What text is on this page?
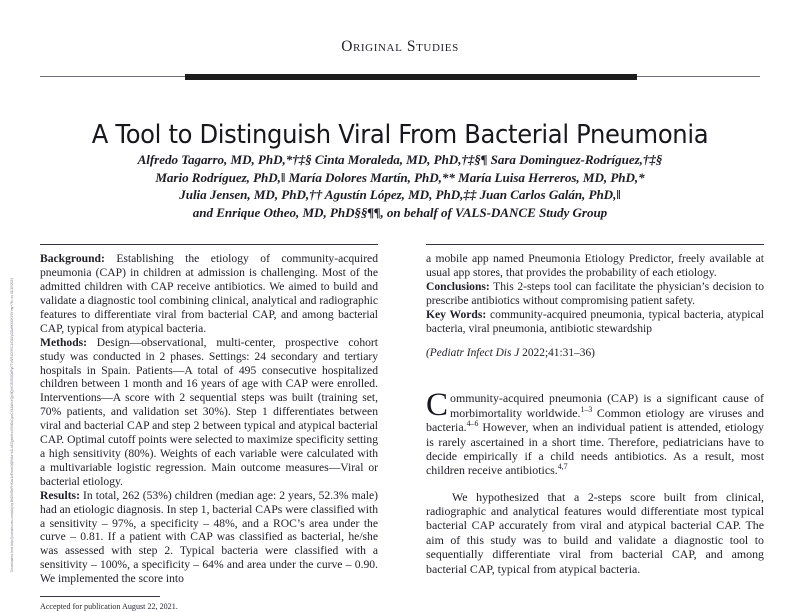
Downloaded from http://journals.lww.com/pidj by BhDMf5ePHKav1zEoum1tQfN4a+kJLhEZgbsIHo4XMi0hCywCX1AWnYQp/IlQrHD3i3D0OdRyi7TvSFl4Cf3VC4/OAVpDDa8KKGKV0Ymy+78= on 01/15/2024
Original Studies
A Tool to Distinguish Viral From Bacterial Pneumonia
Alfredo Tagarro, MD, PhD,*†‡§ Cinta Moraleda, MD, PhD,†‡§¶ Sara Dominguez-Rodríguez,†‡§
Mario Rodríguez, PhD,‖ María Dolores Martín, PhD,** María Luisa Herreros, MD, PhD,*
Julia Jensen, MD, PhD,†† Agustín López, MD, PhD,‡‡ Juan Carlos Galán, PhD,‖
and Enrique Otheo, MD, PhD§§¶¶, on behalf of VALS-DANCE Study Group

Background: Establishing the etiology of community-acquired pneumonia (CAP) in children at admission is challenging. Most of the admitted children with CAP receive antibiotics. We aimed to build and validate a diagnostic tool combining clinical, analytical and radiographic features to differentiate viral from bacterial CAP, and among bacterial CAP, typical from atypical bacteria.

Methods: Design—observational, multi-center, prospective cohort study was conducted in 2 phases. Settings: 24 secondary and tertiary hospitals in Spain. Patients—A total of 495 consecutive hospitalized children between 1 month and 16 years of age with CAP were enrolled. Interventions—A score with 2 sequential steps was built (training set, 70% patients, and validation set 30%). Step 1 differentiates between viral and bacterial CAP and step 2 between typical and atypical bacterial CAP. Optimal cutoff points were selected to maximize specificity setting a high sensitivity (80%). Weights of each variable were calculated with a multivariable logistic regression. Main outcome measures—Viral or bacterial etiology.

Results: In total, 262 (53%) children (median age: 2 years, 52.3% male) had an etiologic diagnosis. In step 1, bacterial CAPs were classified with a sensitivity – 97%, a specificity – 48%, and a ROC’s area under the curve – 0.81. If a patient with CAP was classified as bacterial, he/she was assessed with step 2. Typical bacteria were classified with a sensitivity – 100%, a specificity – 64% and area under the curve – 0.90. We implemented the score into

Accepted for publication August 22, 2021.

a mobile app named Pneumonia Etiology Predictor, freely available at usual app stores, that provides the probability of each etiology.

Conclusions: This 2-steps tool can facilitate the physician’s decision to prescribe antibiotics without compromising patient safety.

Key Words: community-acquired pneumonia, typical bacteria, atypical bacteria, viral pneumonia, antibiotic stewardship

(Pediatr Infect Dis J 2022;41:31–36)

Community-acquired pneumonia (CAP) is a significant cause of morbimortality worldwide.$^{1-3}$ Common etiology are viruses and bacteria.$^{4-6}$ However, when an individual patient is attended, etiology is rarely ascertained in a short time. Therefore, pediatricians have to decide empirically if a child needs antibiotics. As a result, most children receive antibiotics.$^{4,7}$

We hypothesized that a 2-steps score built from clinical, radiographic and analytical features would differentiate most typical bacterial CAP accurately from viral and atypical bacterial CAP. The aim of this study was to build and validate a diagnostic tool to sequentially differentiate viral from bacterial CAP, and among bacterial CAP, typical from atypical bacteria.
